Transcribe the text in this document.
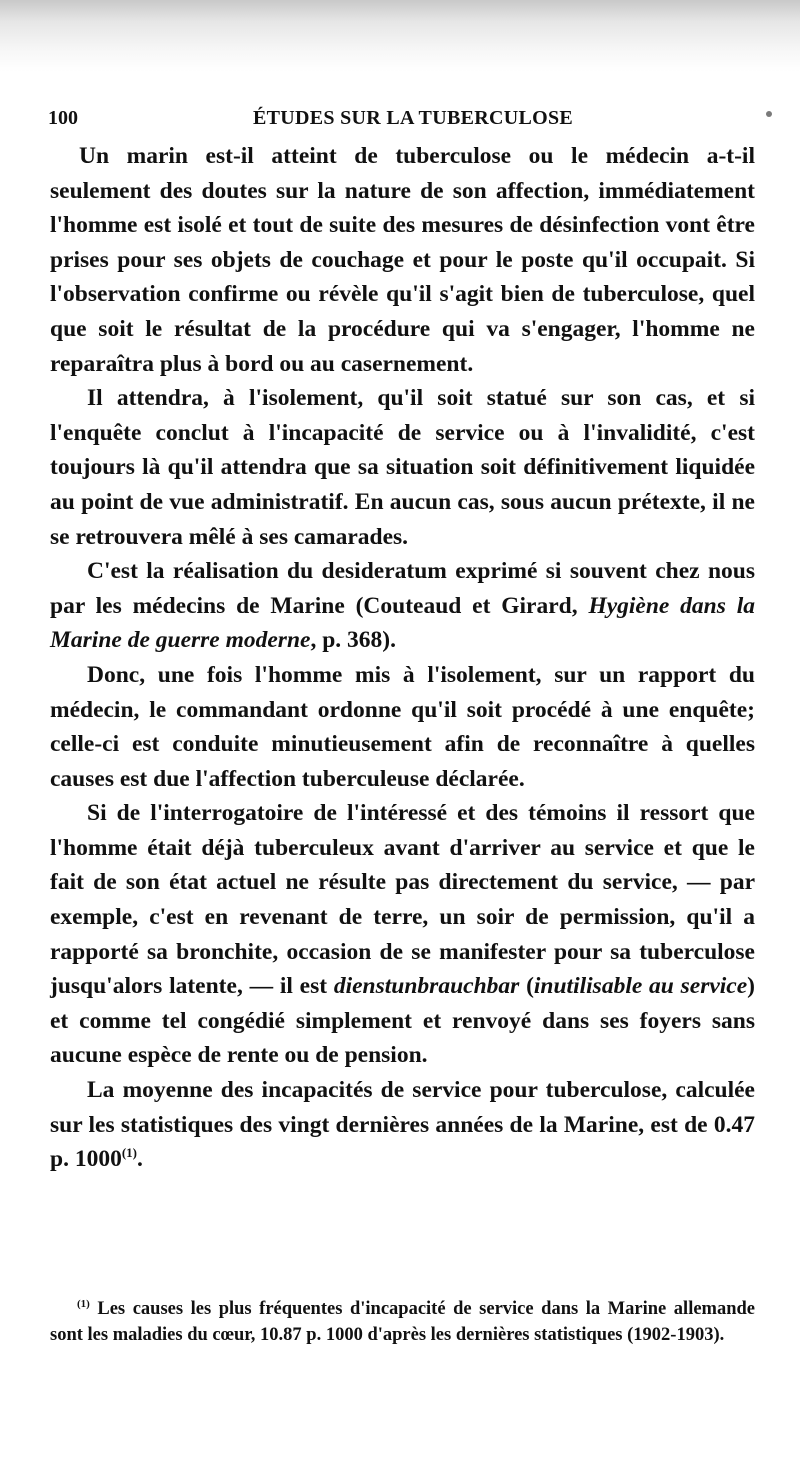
100	ÉTUDES SUR LA TUBERCULOSE

Un marin est-il atteint de tuberculose ou le médecin a-t-il seulement des doutes sur la nature de son affection, immédiatement l'homme est isolé et tout de suite des mesures de désinfection vont être prises pour ses objets de couchage et pour le poste qu'il occupait. Si l'observation confirme ou révèle qu'il s'agit bien de tuberculose, quel que soit le résultat de la procédure qui va s'engager, l'homme ne reparaîtra plus à bord ou au casernement.

Il attendra, à l'isolement, qu'il soit statué sur son cas, et si l'enquête conclut à l'incapacité de service ou à l'invalidité, c'est toujours là qu'il attendra que sa situation soit définitivement liquidée au point de vue administratif. En aucun cas, sous aucun prétexte, il ne se retrouvera mêlé à ses camarades.

C'est la réalisation du desideratum exprimé si souvent chez nous par les médecins de Marine (Couteaud et Girard, Hygiène dans la Marine de guerre moderne, p. 368).

Donc, une fois l'homme mis à l'isolement, sur un rapport du médecin, le commandant ordonne qu'il soit procédé à une enquête; celle-ci est conduite minutieusement afin de reconnaître à quelles causes est due l'affection tuberculeuse déclarée.

Si de l'interrogatoire de l'intéressé et des témoins il ressort que l'homme était déjà tuberculeux avant d'arriver au service et que le fait de son état actuel ne résulte pas directement du service, — par exemple, c'est en revenant de terre, un soir de permission, qu'il a rapporté sa bronchite, occasion de se manifester pour sa tuberculose jusqu'alors latente, — il est dienstunbrauchbar (inutilisable au service) et comme tel congédié simplement et renvoyé dans ses foyers sans aucune espèce de rente ou de pension.

La moyenne des incapacités de service pour tuberculose, calculée sur les statistiques des vingt dernières années de la Marine, est de 0.47 p. 1000$^{(1)}$.

$^{(1)}$ Les causes les plus fréquentes d'incapacité de service dans la Marine allemande sont les maladies du cœur, 10.87 p. 1000 d'après les dernières statistiques (1902-1903).
